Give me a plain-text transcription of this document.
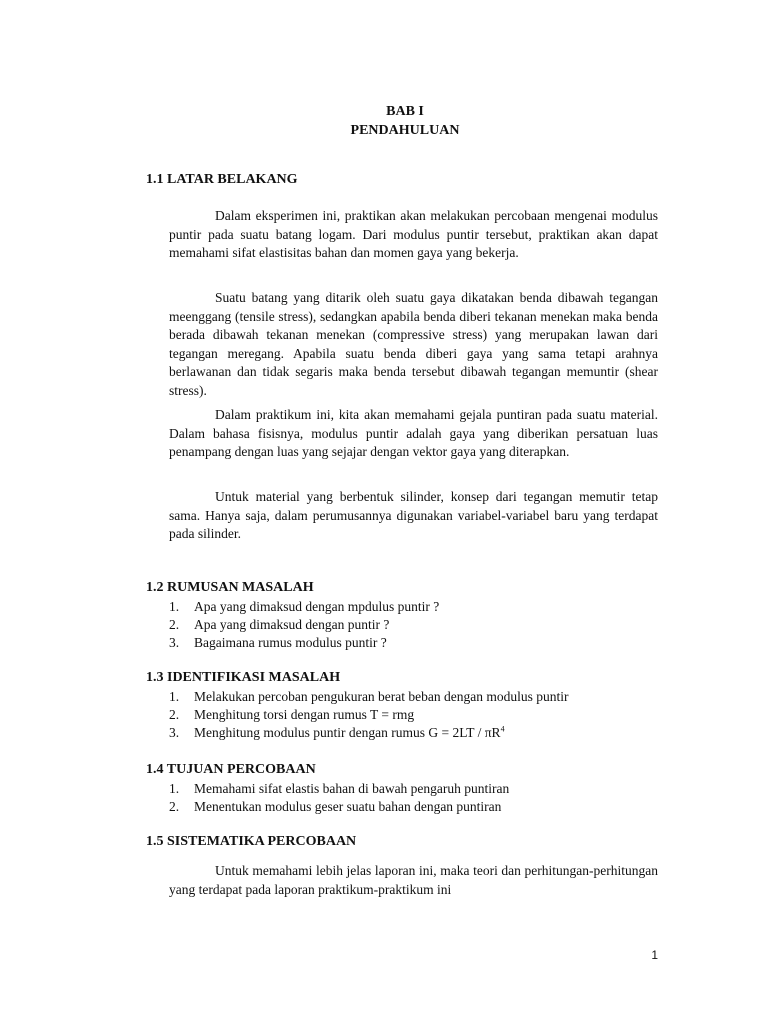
BAB I
PENDAHULUAN
1.1 LATAR BELAKANG

Dalam eksperimen ini, praktikan akan melakukan percobaan mengenai modulus puntir pada suatu batang logam. Dari modulus puntir tersebut, praktikan akan dapat memahami sifat elastisitas bahan dan momen gaya yang bekerja.

Suatu batang yang ditarik oleh suatu gaya dikatakan benda dibawah tegangan meenggang (tensile stress), sedangkan apabila benda diberi tekanan menekan maka benda berada dibawah tekanan menekan (compressive stress) yang merupakan lawan dari tegangan meregang. Apabila suatu benda diberi gaya yang sama tetapi arahnya berlawanan dan tidak segaris maka benda tersebut dibawah tegangan memuntir (shear stress).

Dalam praktikum ini, kita akan memahami gejala puntiran pada suatu material. Dalam bahasa fisisnya, modulus puntir adalah gaya yang diberikan persatuan luas penampang dengan luas yang sejajar dengan vektor gaya yang diterapkan.

Untuk material yang berbentuk silinder, konsep dari tegangan memutir tetap sama. Hanya saja, dalam perumusannya digunakan variabel-variabel baru yang terdapat pada silinder.

1.2 RUMUSAN MASALAH
1. Apa yang dimaksud dengan mpdulus puntir ?
2. Apa yang dimaksud dengan puntir ?
3. Bagaimana rumus modulus puntir ?
1.3 IDENTIFIKASI MASALAH
1. Melakukan percoban pengukuran berat beban dengan modulus puntir
2. Menghitung torsi dengan rumus T = rmg
3. Menghitung modulus puntir dengan rumus $G = 2LT / \pi R^4$
1.4 TUJUAN PERCOBAAN
1. Memahami sifat elastis bahan di bawah pengaruh puntiran
2. Menentukan modulus geser suatu bahan dengan puntiran
1.5 SISTEMATIKA PERCOBAAN

Untuk memahami lebih jelas laporan ini, maka teori dan perhitungan-perhitungan yang terdapat pada laporan praktikum-praktikum ini

1
